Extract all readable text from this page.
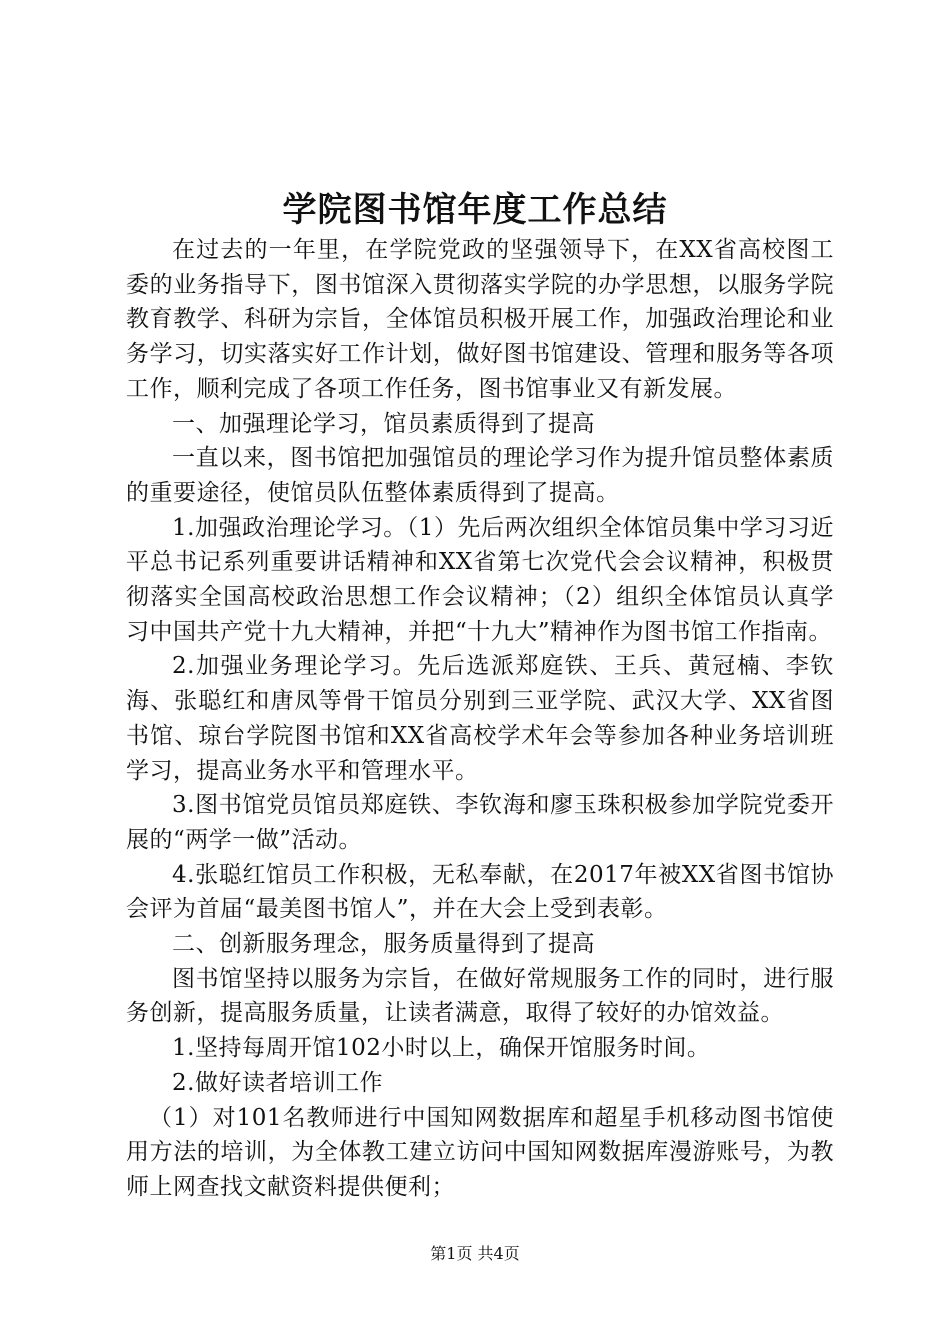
学院图书馆年度工作总结

在过去的一年里，在学院党政的坚强领导下，在XX省高校图工委的业务指导下，图书馆深入贯彻落实学院的办学思想，以服务学院教育教学、科研为宗旨，全体馆员积极开展工作，加强政治理论和业务学习，切实落实好工作计划，做好图书馆建设、管理和服务等各项工作，顺利完成了各项工作任务，图书馆事业又有新发展。

一、加强理论学习，馆员素质得到了提高

一直以来，图书馆把加强馆员的理论学习作为提升馆员整体素质的重要途径，使馆员队伍整体素质得到了提高。

1.加强政治理论学习。（1）先后两次组织全体馆员集中学习习近平总书记系列重要讲话精神和XX省第七次党代会会议精神，积极贯彻落实全国高校政治思想工作会议精神；（2）组织全体馆员认真学习中国共产党十九大精神，并把“十九大”精神作为图书馆工作指南。

2.加强业务理论学习。先后选派郑庭铁、王兵、黄冠楠、李钦海、张聪红和唐凤等骨干馆员分别到三亚学院、武汉大学、XX省图书馆、琼台学院图书馆和XX省高校学术年会等参加各种业务培训班学习，提高业务水平和管理水平。

3.图书馆党员馆员郑庭铁、李钦海和廖玉珠积极参加学院党委开展的“两学一做”活动。

4.张聪红馆员工作积极，无私奉献，在2017年被XX省图书馆协会评为首届“最美图书馆人”，并在大会上受到表彰。

二、创新服务理念，服务质量得到了提高

图书馆坚持以服务为宗旨，在做好常规服务工作的同时，进行服务创新，提高服务质量，让读者满意，取得了较好的办馆效益。

1.坚持每周开馆102小时以上，确保开馆服务时间。

2.做好读者培训工作

（1）对101名教师进行中国知网数据库和超星手机移动图书馆使用方法的培训，为全体教工建立访问中国知网数据库漫游账号，为教师上网查找文献资料提供便利；

第1页 共4页
